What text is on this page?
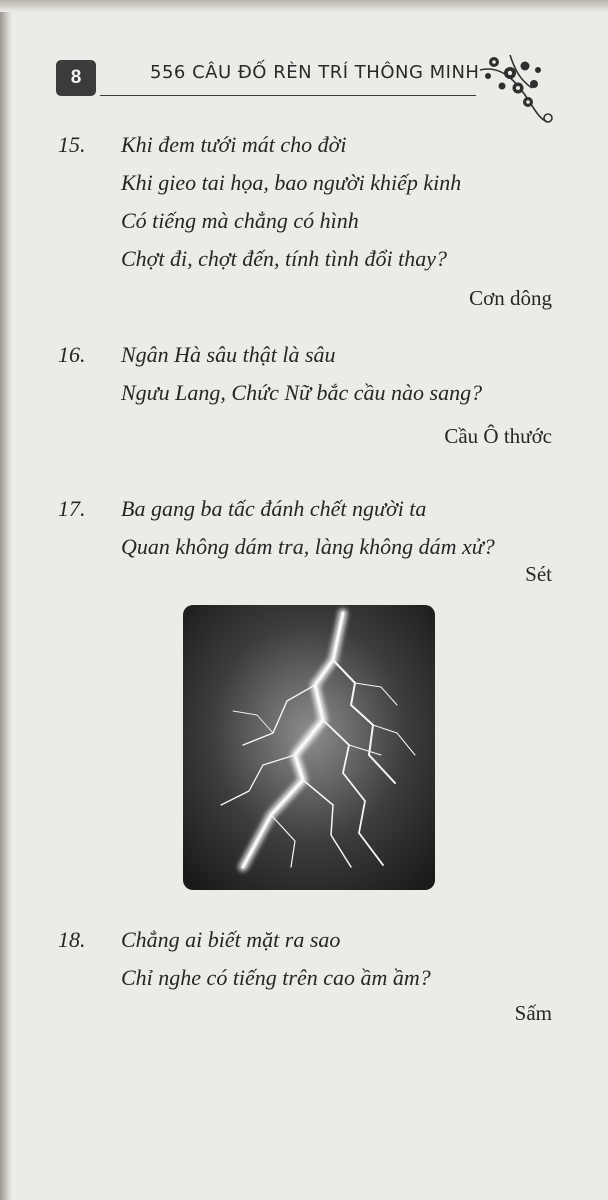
8	556 CÂU ĐỐ RÈN TRÍ THÔNG MINH
15. Khi đem tưới mát cho đời
Khi gieo tai họa, bao người khiếp kinh
Có tiếng mà chẳng có hình
Chợt đi, chợt đến, tính tình đổi thay?
Cơn dông
16. Ngân Hà sâu thật là sâu
Ngưu Lang, Chức Nữ bắc cầu nào sang?
Cầu Ô thước
17. Ba gang ba tấc đánh chết người ta
Quan không dám tra, làng không dám xử?
Sét
18. Chẳng ai biết mặt ra sao
Chỉ nghe có tiếng trên cao ầm ầm?
Sấm
